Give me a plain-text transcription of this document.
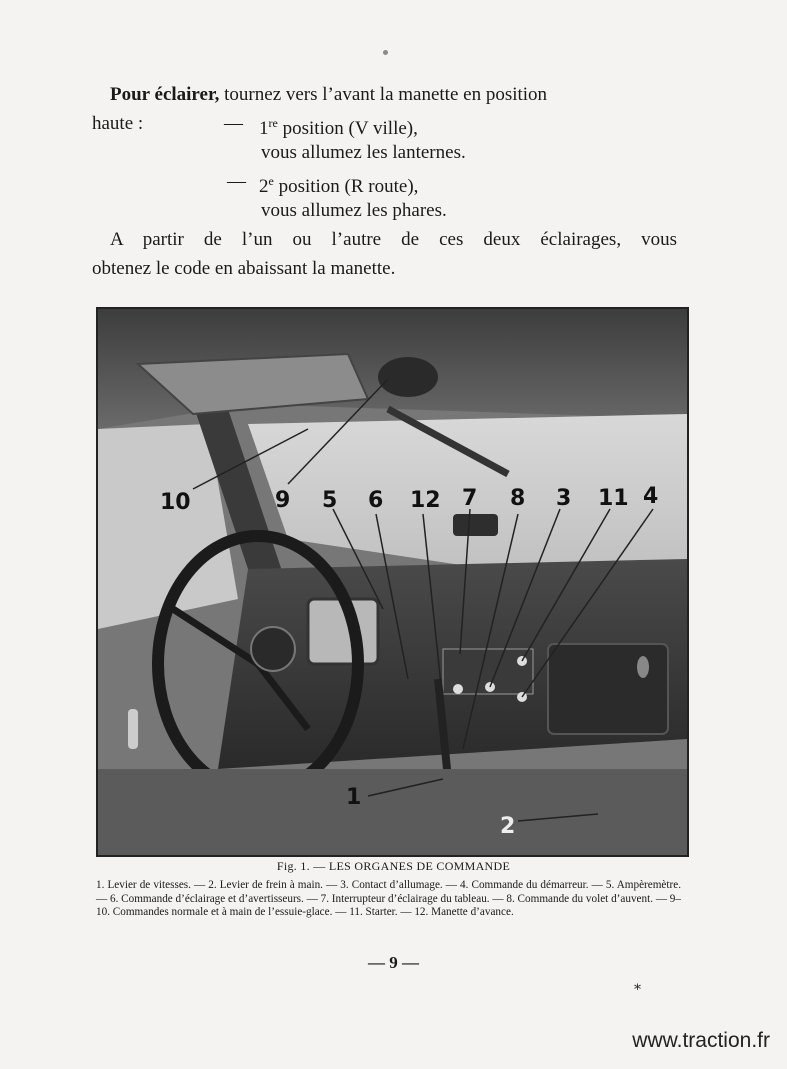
Pour éclairer, tournez vers l’avant la manette en position
haute :	— 1re position (V ville),
vous allumez les lanternes.
— 2e position (R route),
vous allumez les phares.
A partir de l’un ou l’autre de ces deux éclairages, vous
obtenez le code en abaissant la manette.
10	9 5 6 12 7 8 3 11 4
1
2
Fig. 1. — LES ORGANES DE COMMANDE
1. Levier de vitesses. — 2. Levier de frein à main. — 3. Contact d’allumage. — 4. Commande du démarreur. — 5. Ampèremètre. — 6. Commande d’éclairage et d’avertisseurs. — 7. Interrupteur d’éclairage du tableau. — 8. Commande du volet d’auvent. — 9–10. Commandes normale et à main de l’essuie-glace. — 11. Starter. — 12. Manette d’avance.
— 9 —
*
www.traction.fr
